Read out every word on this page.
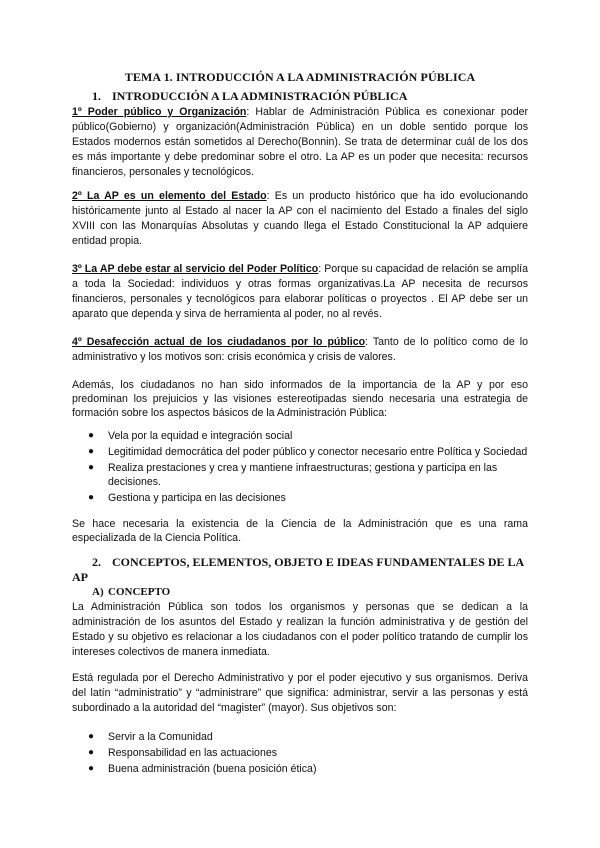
TEMA 1. INTRODUCCIÓN A LA ADMINISTRACIÓN PÚBLICA
1. INTRODUCCIÓN A LA ADMINISTRACIÓN PÚBLICA

1º Poder público y Organización: Hablar de Administración Pública es conexionar poder público(Gobierno) y organización(Administración Pública) en un doble sentido porque los Estados modernos están sometidos al Derecho(Bonnin). Se trata de determinar cuál de los dos es más importante y debe predominar sobre el otro. La AP es un poder que necesita: recursos financieros, personales y tecnológicos.

2º La AP es un elemento del Estado: Es un producto histórico que ha ido evolucionando históricamente junto al Estado al nacer la AP con el nacimiento del Estado a finales del siglo XVIII con las Monarquías Absolutas y cuando llega el Estado Constitucional la AP adquiere entidad propia.

3º La AP debe estar al servicio del Poder Político: Porque su capacidad de relación se amplía a toda la Sociedad: individuos y otras formas organizativas.La AP necesita de recursos financieros, personales y tecnológicos para elaborar políticas o proyectos . El AP debe ser un aparato que dependa y sirva de herramienta al poder, no al revés.

4º Desafección actual de los ciudadanos por lo público: Tanto de lo político como de lo administrativo y los motivos son: crisis económica y crisis de valores.

Además, los ciudadanos no han sido informados de la importancia de la AP y por eso predominan los prejuicios y las visiones estereotipadas siendo necesaria una estrategia de formación sobre los aspectos básicos de la Administración Pública:

● Vela por la equidad e integración social
● Legitimidad democrática del poder público y conector necesario entre Política y Sociedad
● Realiza prestaciones y crea y mantiene infraestructuras; gestiona y participa en las decisiones.
● Gestiona y participa en las decisiones

Se hace necesaria la existencia de la Ciencia de la Administración que es una rama especializada de la Ciencia Política.

2. CONCEPTOS, ELEMENTOS, OBJETO E IDEAS FUNDAMENTALES DE LA AP
A) CONCEPTO

La Administración Pública son todos los organismos y personas que se dedican a la administración de los asuntos del Estado y realizan la función administrativa y de gestión del Estado y su objetivo es relacionar a los ciudadanos con el poder político tratando de cumplir los intereses colectivos de manera inmediata.

Está regulada por el Derecho Administrativo y por el poder ejecutivo y sus organismos. Deriva del latín “administratio” y “administrare” que significa: administrar, servir a las personas y está subordinado a la autoridad del “magister” (mayor). Sus objetivos son:

● Servir a la Comunidad
● Responsabilidad en las actuaciones
● Buena administración (buena posición ética)
